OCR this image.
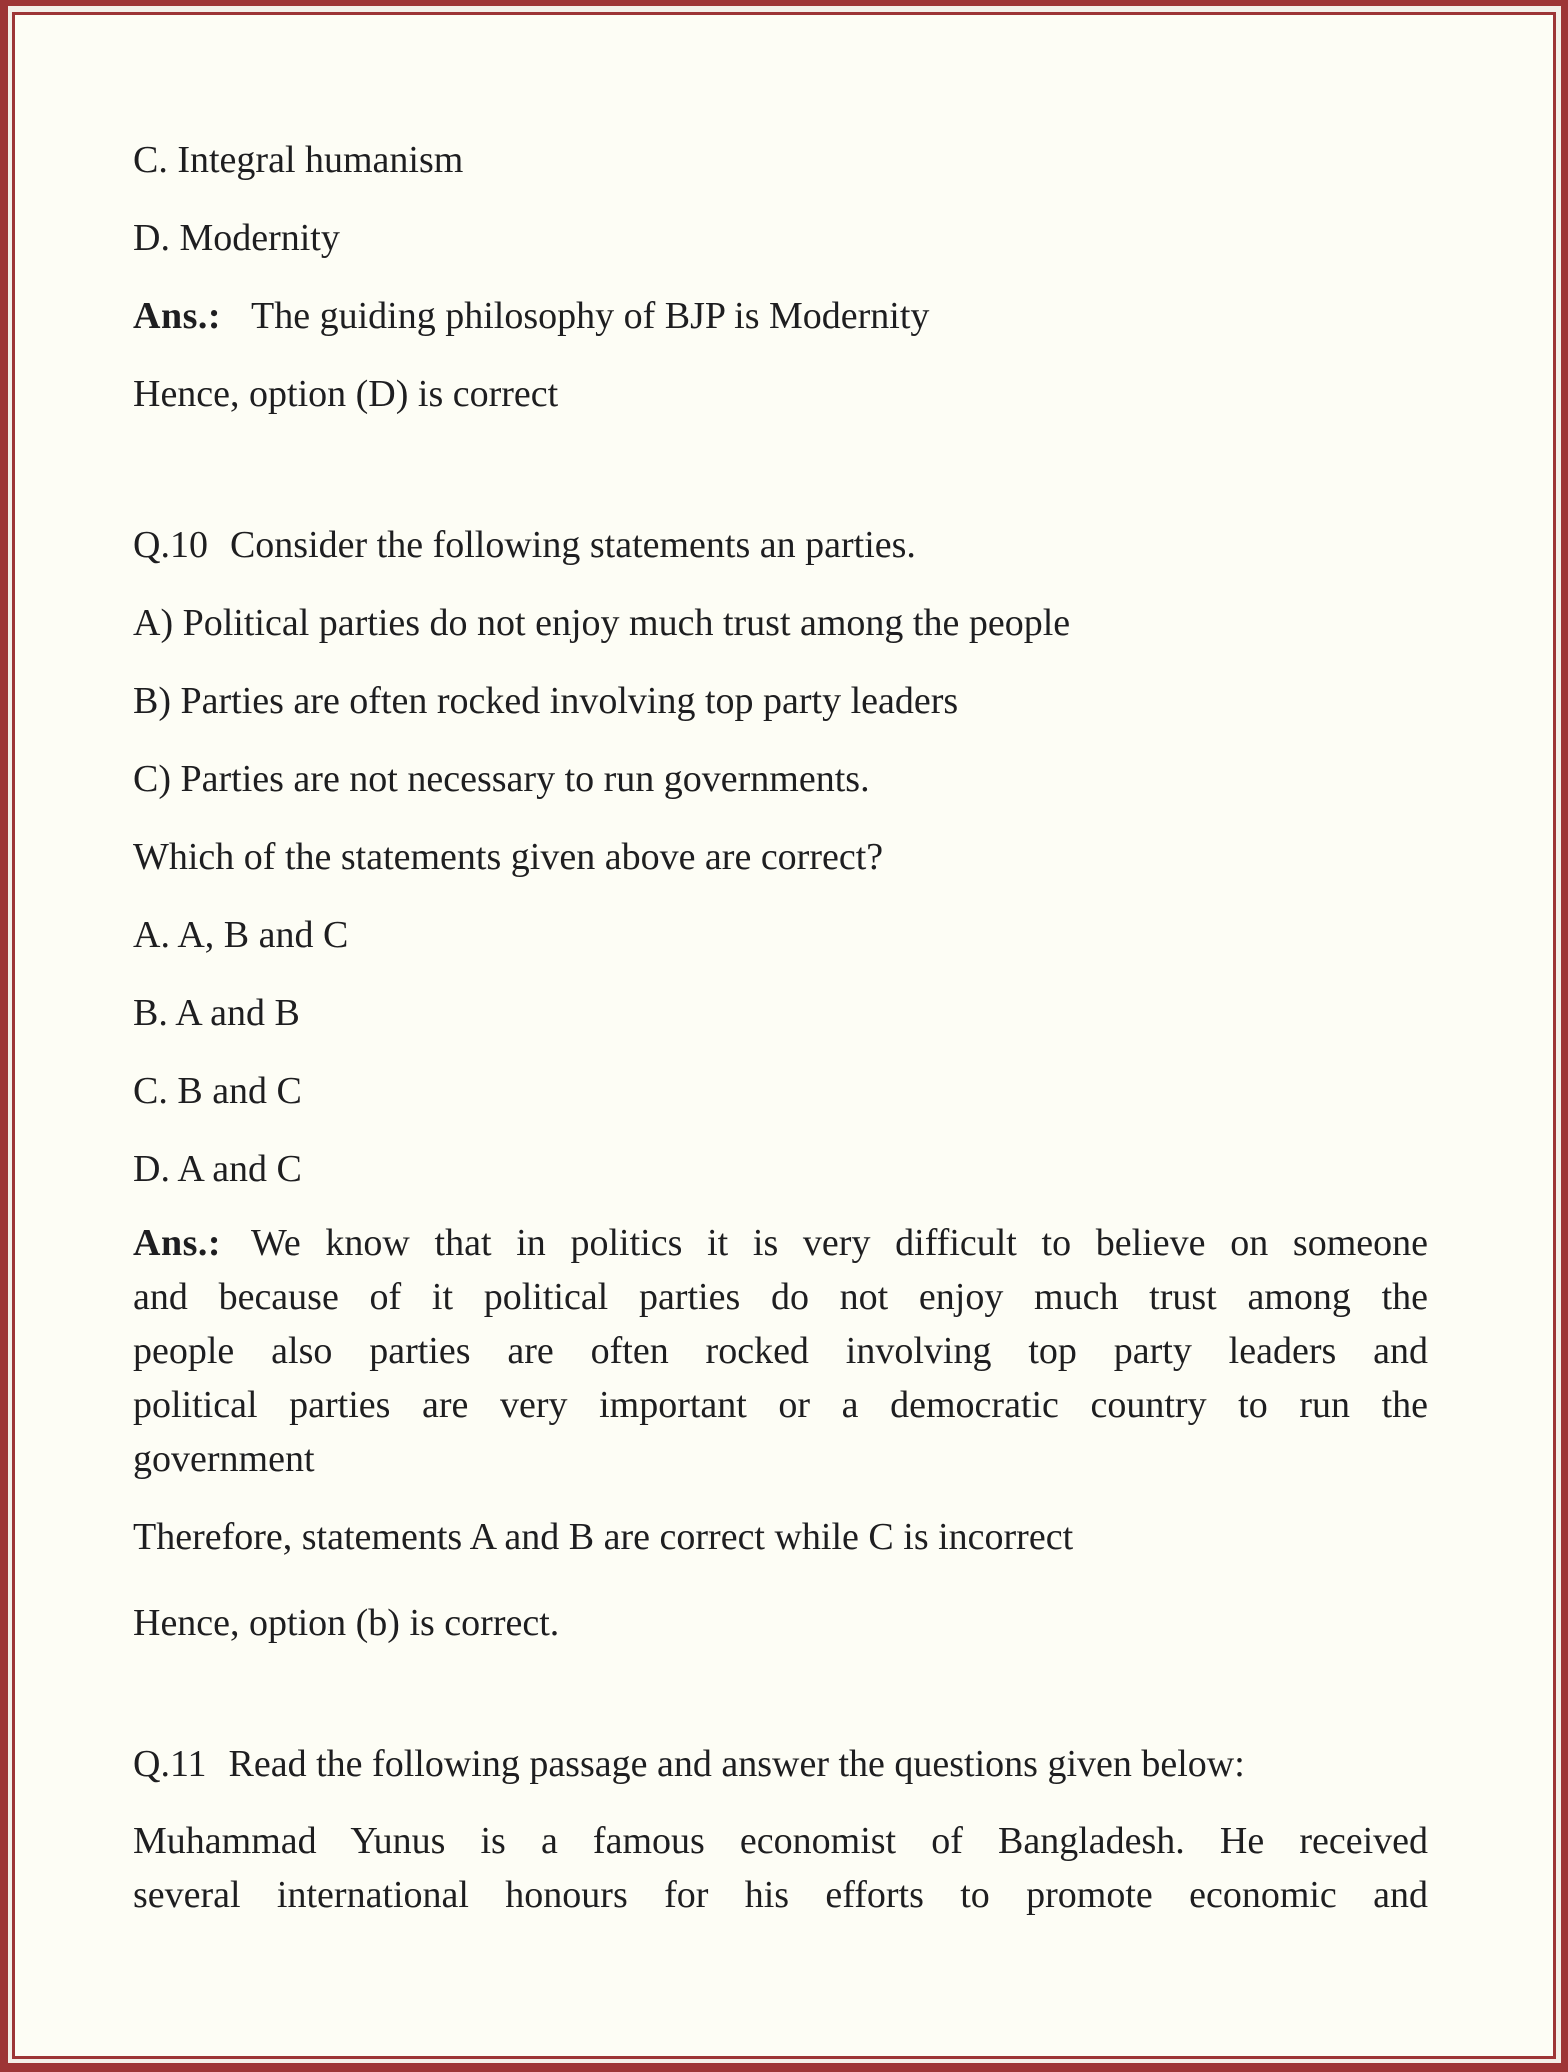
C. Integral humanism
D. Modernity
Ans.: The guiding philosophy of BJP is Modernity
Hence, option (D) is correct
Q.10 Consider the following statements an parties.
A) Political parties do not enjoy much trust among the people
B) Parties are often rocked involving top party leaders
C) Parties are not necessary to run governments.
Which of the statements given above are correct?
A. A, B and C
B. A and B
C. B and C
D. A and C
Ans.: We know that in politics it is very difficult to believe on someone
and because of it political parties do not enjoy much trust among the
people also parties are often rocked involving top party leaders and
political parties are very important or a democratic country to run the
government
Therefore, statements A and B are correct while C is incorrect
Hence, option (b) is correct.
Q.11 Read the following passage and answer the questions given below:
Muhammad Yunus is a famous economist of Bangladesh. He received
several international honours for his efforts to promote economic and
